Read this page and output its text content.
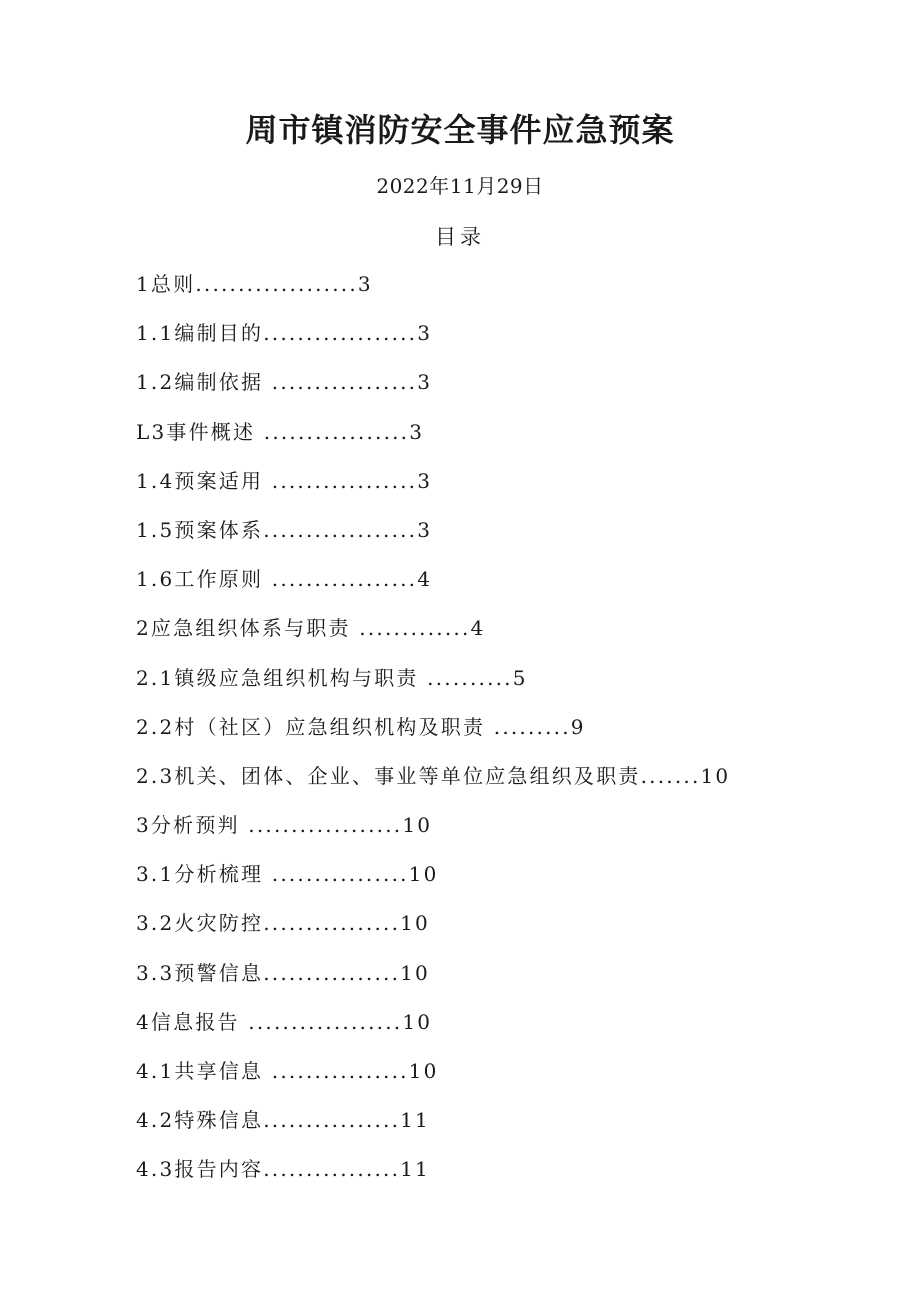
周市镇消防安全事件应急预案
2022年11月29日
目录
1总则...................3
1.1编制目的..................3
1.2编制依据 .................3
L3事件概述 .................3
1.4预案适用 .................3
1.5预案体系..................3
1.6工作原则 .................4
2应急组织体系与职责 .............4
2.1镇级应急组织机构与职责 ..........5
2.2村（社区）应急组织机构及职责 .........9
2.3机关、团体、企业、事业等单位应急组织及职责.......10
3分析预判 ..................10
3.1分析梳理 ................10
3.2火灾防控................10
3.3预警信息................10
4信息报告 ..................10
4.1共享信息 ................10
4.2特殊信息................11
4.3报告内容................11
